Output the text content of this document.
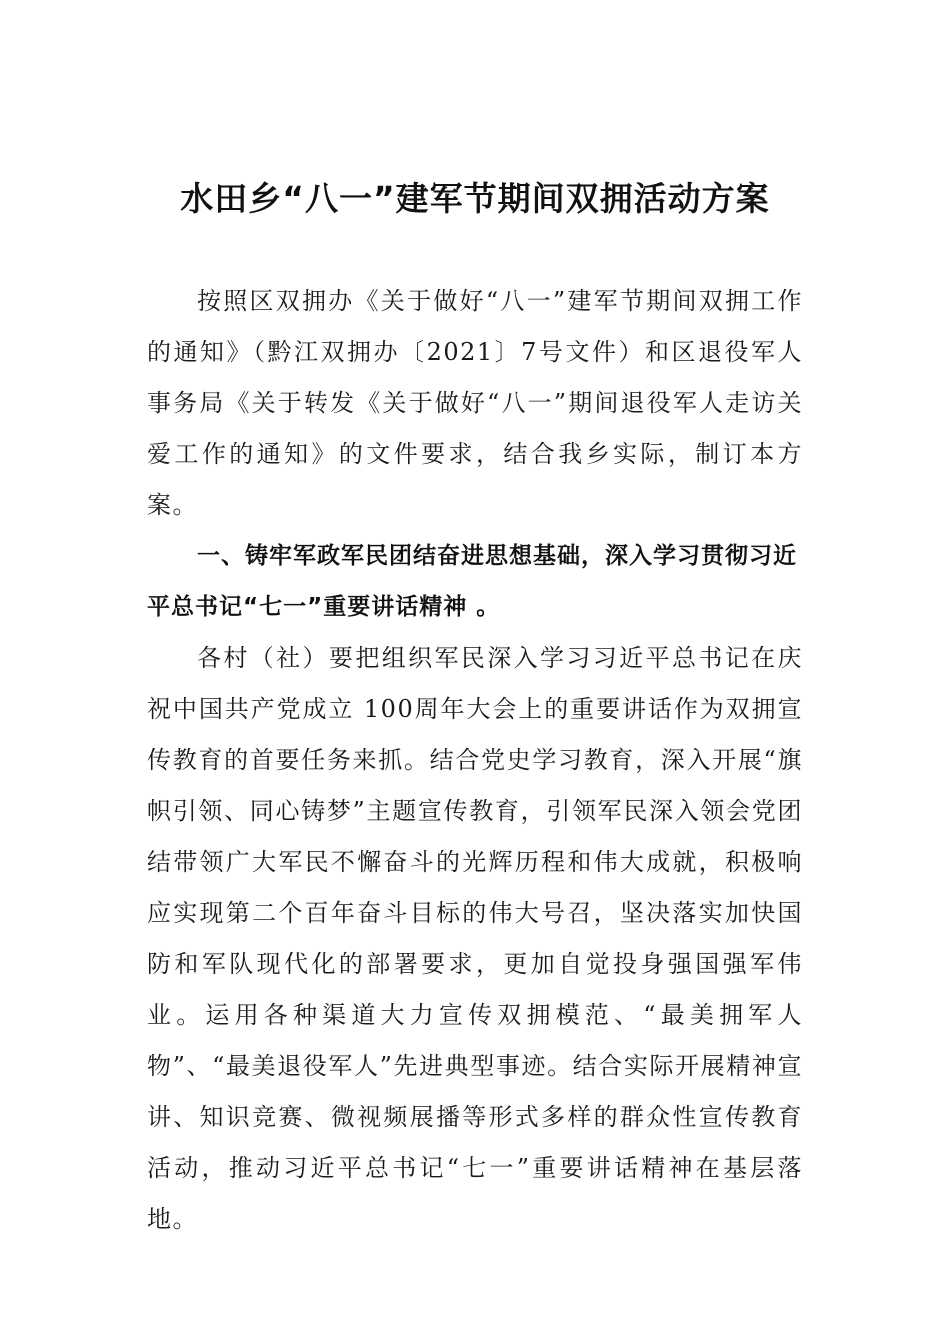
水田乡“八一”建军节期间双拥活动方案

按照区双拥办《关于做好“八一”建军节期间双拥工作的通知》（黔江双拥办〔2021〕7号文件）和区退役军人事务局《关于转发《关于做好“八一”期间退役军人走访关爱工作的通知》的文件要求，结合我乡实际，制订本方案。

一、铸牢军政军民团结奋进思想基础，深入学习贯彻习近平总书记“七一”重要讲话精神 。

各村（社）要把组织军民深入学习习近平总书记在庆祝中国共产党成立 100周年大会上的重要讲话作为双拥宣传教育的首要任务来抓。结合党史学习教育，深入开展“旗帜引领、同心铸梦”主题宣传教育，引领军民深入领会党团结带领广大军民不懈奋斗的光辉历程和伟大成就，积极响应实现第二个百年奋斗目标的伟大号召，坚决落实加快国防和军队现代化的部署要求，更加自觉投身强国强军伟业。运用各种渠道大力宣传双拥模范、“最美拥军人物”、“最美退役军人”先进典型事迹。结合实际开展精神宣讲、知识竞赛、微视频展播等形式多样的群众性宣传教育活动，推动习近平总书记“七一”重要讲话精神在基层落地。
